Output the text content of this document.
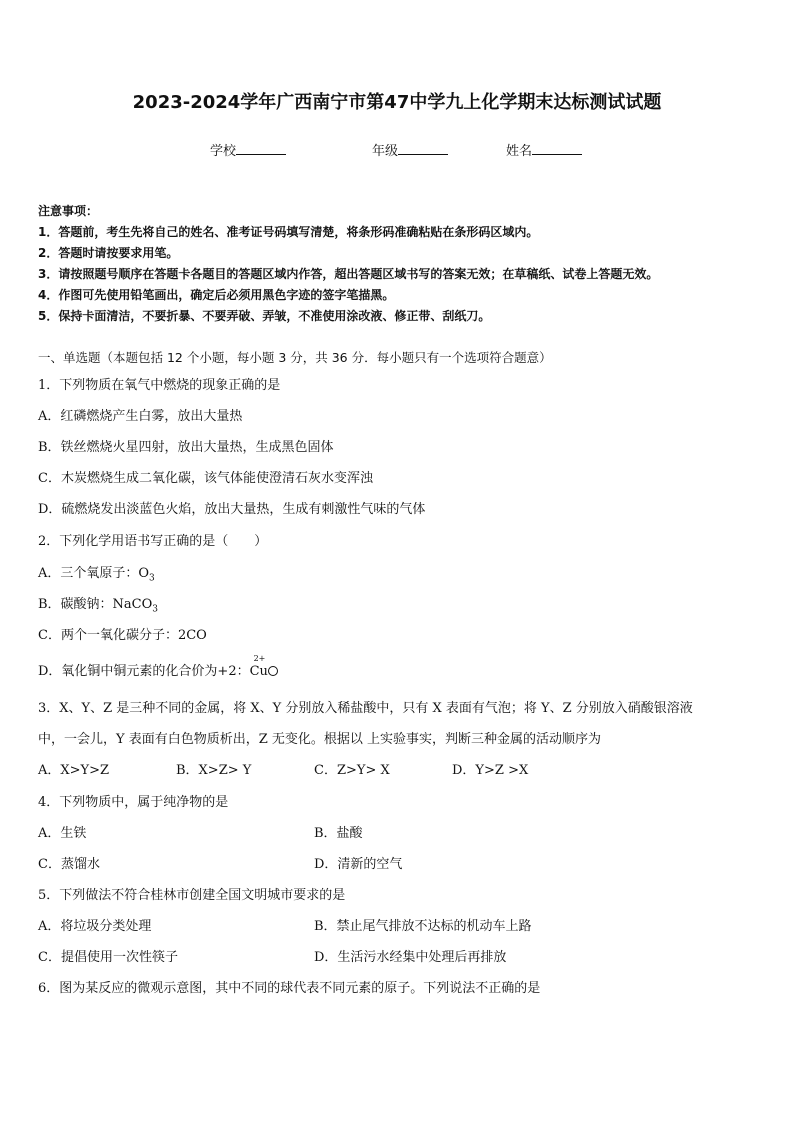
2023-2024学年广西南宁市第47中学九上化学期末达标测试试题
学校	年级	姓名
注意事项：
1．答题前，考生先将自己的姓名、准考证号码填写清楚，将条形码准确粘贴在条形码区域内。
2．答题时请按要求用笔。
3．请按照题号顺序在答题卡各题目的答题区域内作答，超出答题区域书写的答案无效；在草稿纸、试卷上答题无效。
4．作图可先使用铅笔画出，确定后必须用黑色字迹的签字笔描黑。
5．保持卡面清洁，不要折暴、不要弄破、弄皱，不准使用涂改液、修正带、刮纸刀。
一、单选题（本题包括 12 个小题，每小题 3 分，共 36 分．每小题只有一个选项符合题意）
1．下列物质在氧气中燃烧的现象正确的是
A．红磷燃烧产生白雾，放出大量热
B．铁丝燃烧火星四射，放出大量热，生成黑色固体
C．木炭燃烧生成二氧化碳，该气体能使澄清石灰水变浑浊
D．硫燃烧发出淡蓝色火焰，放出大量热，生成有刺激性气味的气体
2．下列化学用语书写正确的是（　　）
A．三个氧原子：$O_3$
B．碳酸钠：NaCO$_3$
C．两个一氧化碳分子：2CO
D．氧化铜中铜元素的化合价为+2：
2+
Cu
3．X、Y、Z 是三种不同的金属，将 X、Y 分别放入稀盐酸中，只有 X 表面有气泡；将 Y、Z 分别放入硝酸银溶液
中，一会儿，Y 表面有白色物质析出，Z 无变化。根据以 上实验事实，判断三种金属的活动顺序为
A．X>Y>Z	B．X>Z> Y	C．Z>Y> X	D．Y>Z >X
4．下列物质中，属于纯净物的是
A．生铁	B．盐酸
C．蒸馏水	D．清新的空气
5．下列做法不符合桂林市创建全国文明城市要求的是
A．将垃圾分类处理	B．禁止尾气排放不达标的机动车上路
C．提倡使用一次性筷子	D．生活污水经集中处理后再排放
6．图为某反应的微观示意图，其中不同的球代表不同元素的原子。下列说法不正确的是
